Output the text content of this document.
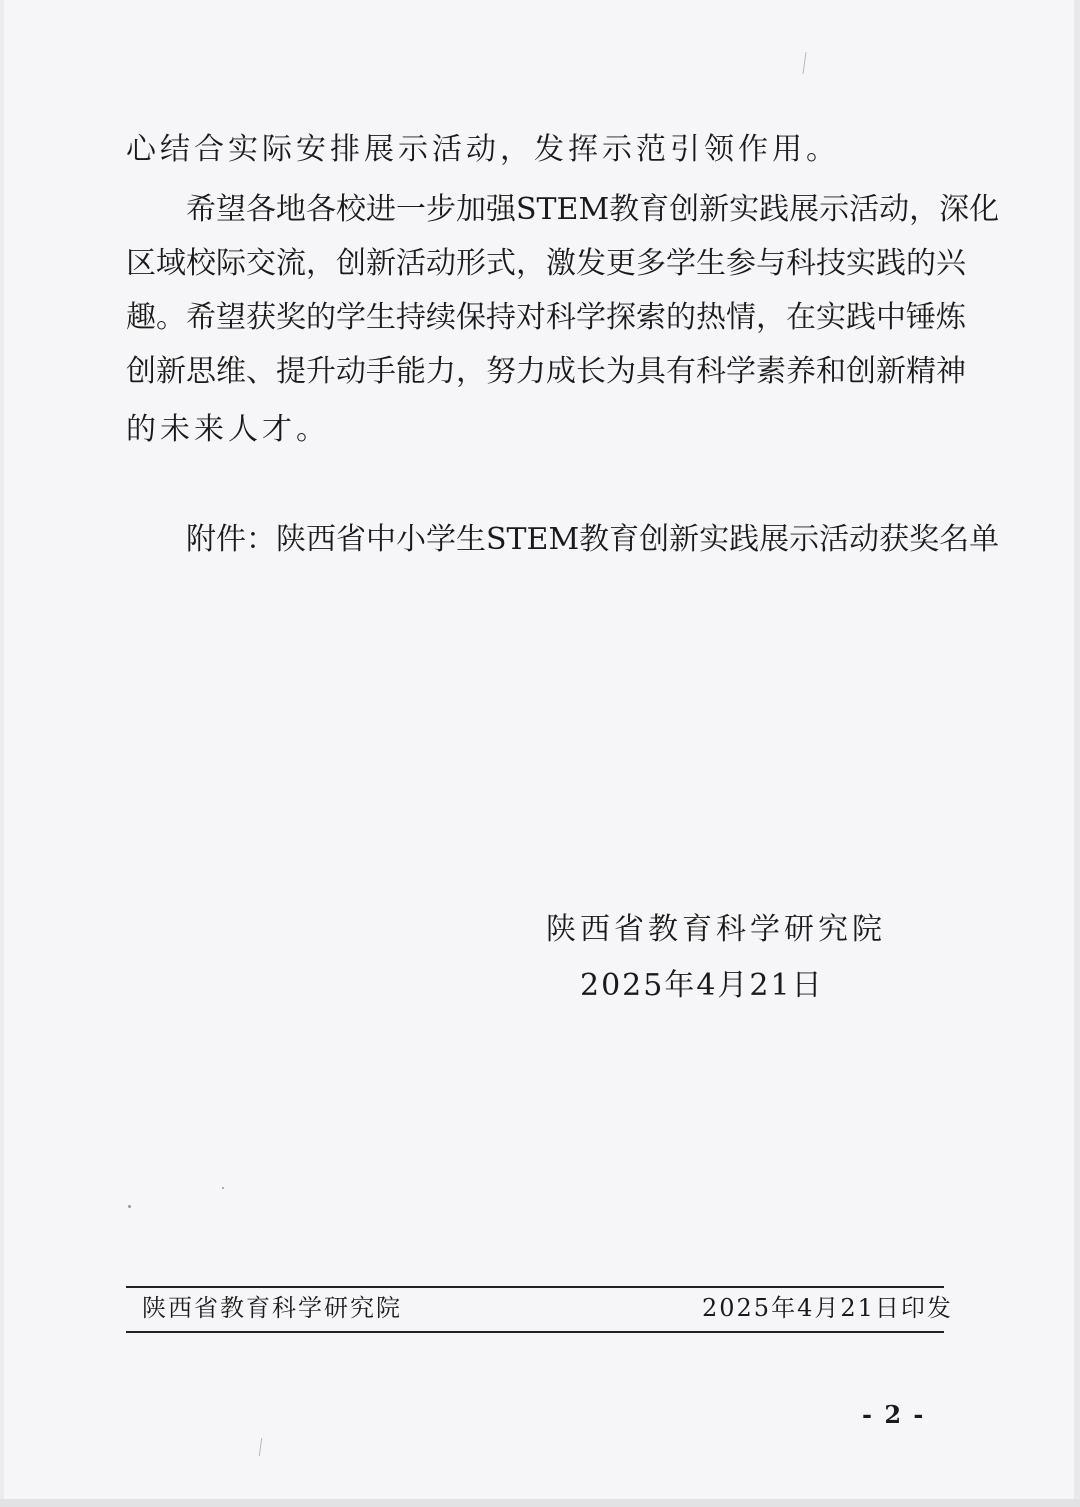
心结合实际安排展示活动，发挥示范引领作用。
希望各地各校进一步加强STEM教育创新实践展示活动，深化
区域校际交流，创新活动形式，激发更多学生参与科技实践的兴
趣。希望获奖的学生持续保持对科学探索的热情，在实践中锤炼
创新思维、提升动手能力，努力成长为具有科学素养和创新精神
的未来人才。
附件：陕西省中小学生STEM教育创新实践展示活动获奖名单
陕西省教育科学研究院
2025年4月21日
陕西省教育科学研究院	2025年4月21日印发
- 2 -
